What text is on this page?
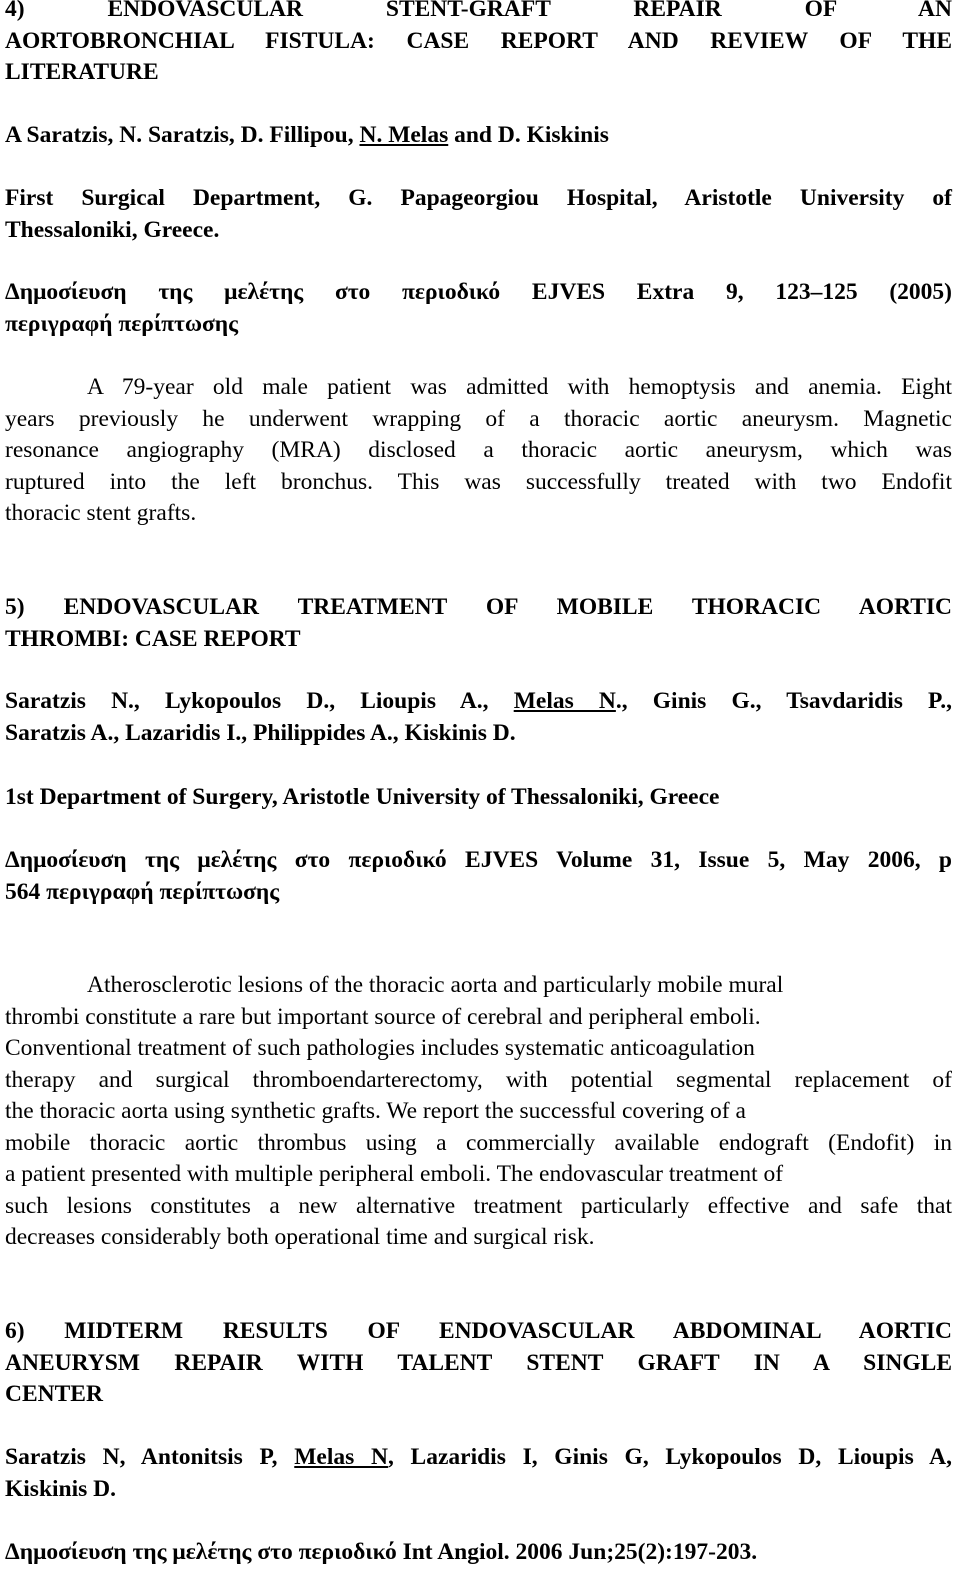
4) ENDOVASCULAR STENT-GRAFT REPAIR OF AN
AORTOBRONCHIAL FISTULA: CASE REPORT AND REVIEW OF THE
LITERATURE
A Saratzis, N. Saratzis, D. Fillipou, N. Melas and D. Kiskinis
First Surgical Department, G. Papageorgiou Hospital, Aristotle University of
Thessaloniki, Greece.
Δημοσίευση της μελέτης στο περιοδικό EJVES Extra 9, 123–125 (2005)
περιγραφή περίπτωσης
A 79-year old male patient was admitted with hemoptysis and anemia. Eight
years previously he underwent wrapping of a thoracic aortic aneurysm. Magnetic
resonance angiography (MRA) disclosed a thoracic aortic aneurysm, which was
ruptured into the left bronchus. This was successfully treated with two Endofit
thoracic stent grafts.
5) ENDOVASCULAR TREATMENT OF MOBILE THORACIC AORTIC
THROMBI: CASE REPORT
Saratzis N., Lykopoulos D., Lioupis A., Melas N., Ginis G., Tsavdaridis P.,
Saratzis A., Lazaridis I., Philippides A., Kiskinis D.
1st Department of Surgery, Aristotle University of Thessaloniki, Greece
Δημοσίευση της μελέτης στο περιοδικό EJVES Volume 31, Issue 5, May 2006, p
564 περιγραφή περίπτωσης
Atherosclerotic lesions of the thoracic aorta and particularly mobile mural
thrombi constitute a rare but important source of cerebral and peripheral emboli.
Conventional treatment of such pathologies includes systematic anticoagulation
therapy and surgical thromboendarterectomy, with potential segmental replacement of
the thoracic aorta using synthetic grafts. We report the successful covering of a
mobile thoracic aortic thrombus using a commercially available endograft (Endofit) in
a patient presented with multiple peripheral emboli. The endovascular treatment of
such lesions constitutes a new alternative treatment particularly effective and safe that
decreases considerably both operational time and surgical risk.
6) MIDTERM RESULTS OF ENDOVASCULAR ABDOMINAL AORTIC
ANEURYSM REPAIR WITH TALENT STENT GRAFT IN A SINGLE
CENTER
Saratzis N, Antonitsis P, Melas N, Lazaridis I, Ginis G, Lykopoulos D, Lioupis A,
Kiskinis D.
Δημοσίευση της μελέτης στο περιοδικό Int Angiol. 2006 Jun;25(2):197-203.
